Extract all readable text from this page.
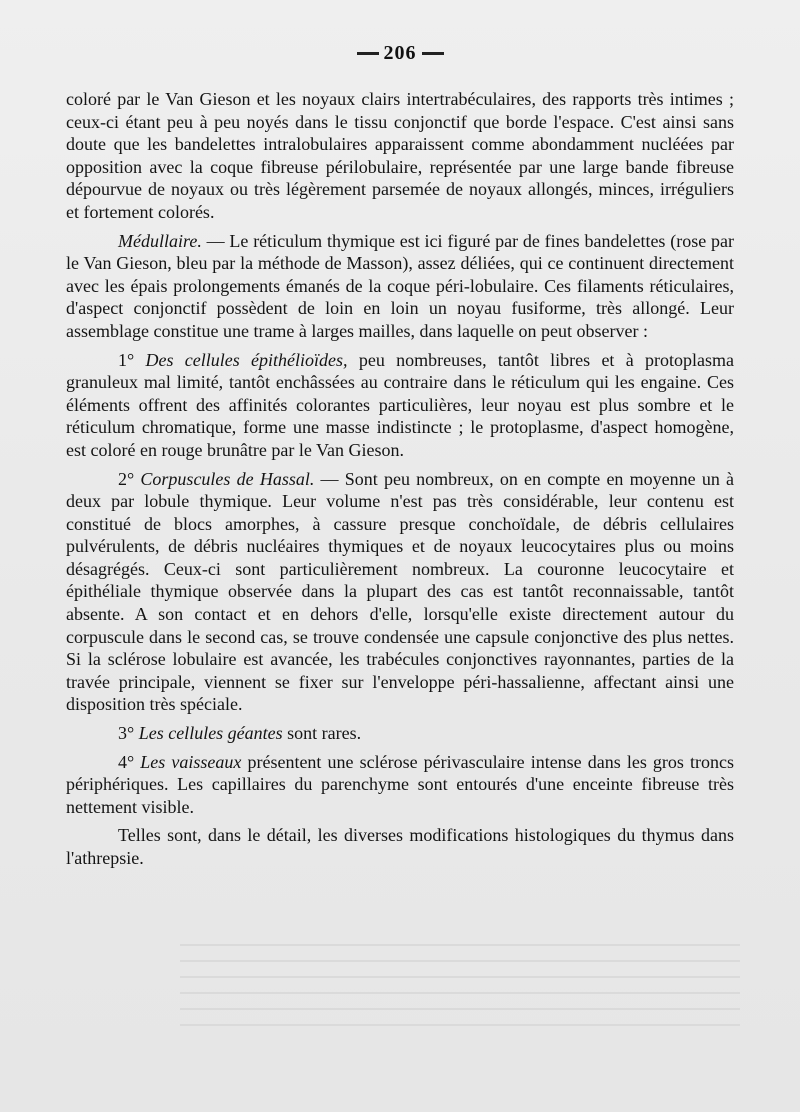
206

coloré par le Van Gieson et les noyaux clairs intertrabéculaires, des rapports très intimes ; ceux-ci étant peu à peu noyés dans le tissu conjonctif que borde l'espace. C'est ainsi sans doute que les bandelettes intralobulaires apparaissent comme abondamment nucléées par opposition avec la coque fibreuse périlobulaire, représentée par une large bande fibreuse dépourvue de noyaux ou très légèrement parsemée de noyaux allongés, minces, irréguliers et fortement colorés.

Médullaire. — Le réticulum thymique est ici figuré par de fines bandelettes (rose par le Van Gieson, bleu par la méthode de Masson), assez déliées, qui ce continuent directement avec les épais prolongements émanés de la coque péri-lobulaire. Ces filaments réticulaires, d'aspect conjonctif possèdent de loin en loin un noyau fusiforme, très allongé. Leur assemblage constitue une trame à larges mailles, dans laquelle on peut observer :

1° Des cellules épithélioïdes, peu nombreuses, tantôt libres et à protoplasma granuleux mal limité, tantôt enchâssées au contraire dans le réticulum qui les engaine. Ces éléments offrent des affinités colorantes particulières, leur noyau est plus sombre et le réticulum chromatique, forme une masse indistincte ; le protoplasme, d'aspect homogène, est coloré en rouge brunâtre par le Van Gieson.

2° Corpuscules de Hassal. — Sont peu nombreux, on en compte en moyenne un à deux par lobule thymique. Leur volume n'est pas très considérable, leur contenu est constitué de blocs amorphes, à cassure presque conchoïdale, de débris cellulaires pulvérulents, de débris nucléaires thymiques et de noyaux leucocytaires plus ou moins désagrégés. Ceux-ci sont particulièrement nombreux. La couronne leucocytaire et épithéliale thymique observée dans la plupart des cas est tantôt reconnaissable, tantôt absente. A son contact et en dehors d'elle, lorsqu'elle existe directement autour du corpuscule dans le second cas, se trouve condensée une capsule conjonctive des plus nettes. Si la sclérose lobulaire est avancée, les trabécules conjonctives rayonnantes, parties de la travée principale, viennent se fixer sur l'enveloppe péri-hassalienne, affectant ainsi une disposition très spéciale.

3° Les cellules géantes sont rares.

4° Les vaisseaux présentent une sclérose périvasculaire intense dans les gros troncs périphériques. Les capillaires du parenchyme sont entourés d'une enceinte fibreuse très nettement visible.

Telles sont, dans le détail, les diverses modifications histologiques du thymus dans l'athrepsie.
